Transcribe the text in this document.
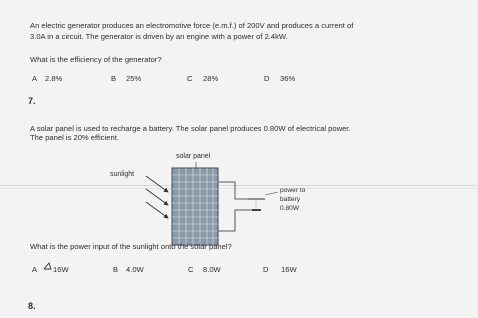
An electric generator produces an electromotive force (e.m.f.) of 200V and produces a current of
3.0A in a circuit. The generator is driven by an engine with a power of 2.4kW.
What is the efficiency of the generator?
A 2.8%	B 25%	C 28%	D 36%
7.
A solar panel is used to recharge a battery. The solar panel produces 0.80W of electrical power.
The panel is 20% efficient.
solar panel
sunlight
power to
battery
0.80W
What is the power input of the sunlight onto the solar panel?
A 16W	B 4.0W	C 8.0W	D 16W
8.
